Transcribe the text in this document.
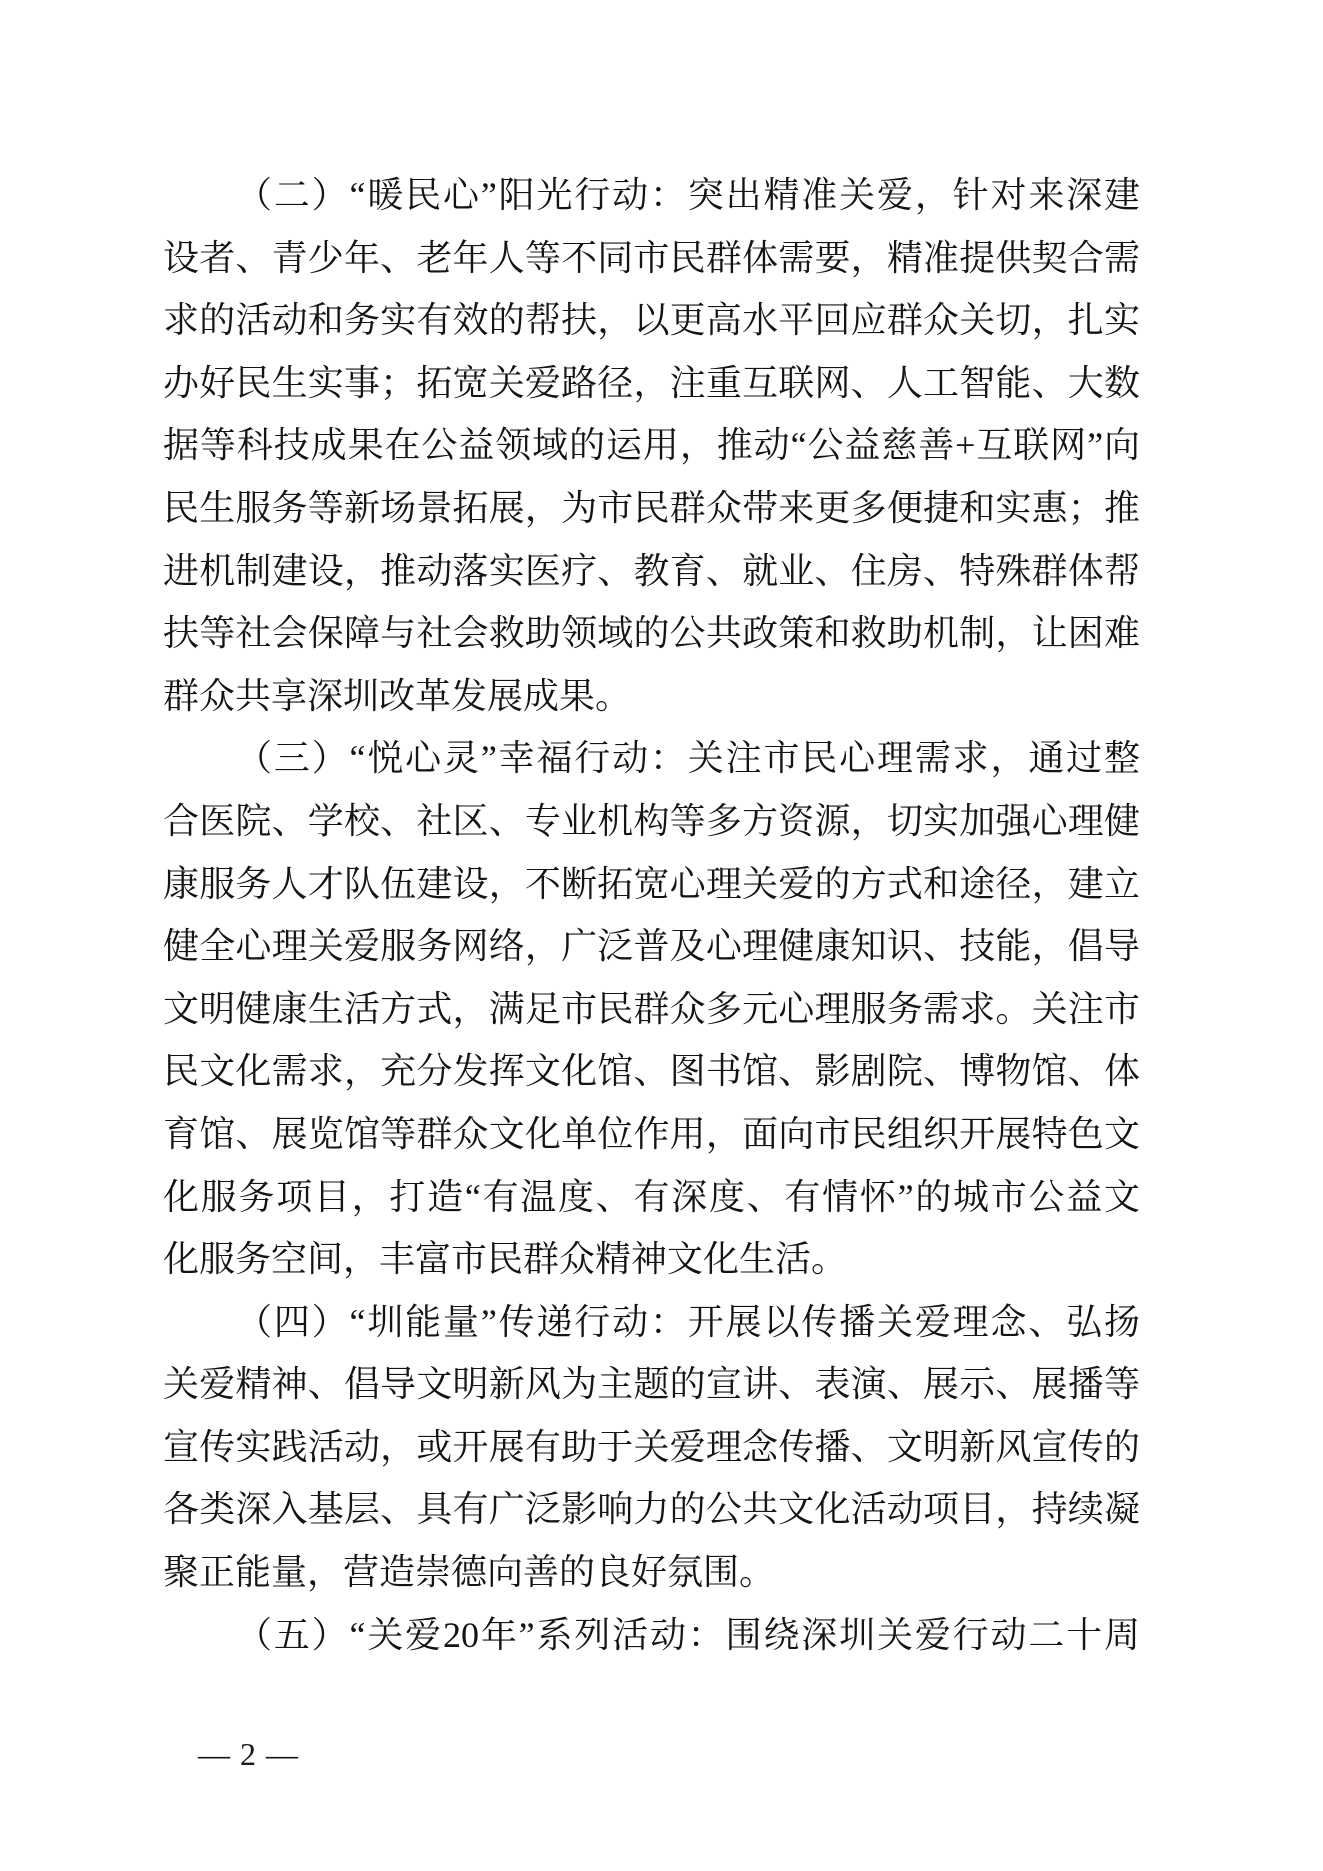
（二）“暖民心”阳光行动：突出精准关爱，针对来深建

设者、青少年、老年人等不同市民群体需要，精准提供契合需

求的活动和务实有效的帮扶，以更高水平回应群众关切，扎实

办好民生实事；拓宽关爱路径，注重互联网、人工智能、大数

据等科技成果在公益领域的运用，推动“公益慈善+互联网”向

民生服务等新场景拓展，为市民群众带来更多便捷和实惠；推

进机制建设，推动落实医疗、教育、就业、住房、特殊群体帮

扶等社会保障与社会救助领域的公共政策和救助机制，让困难

群众共享深圳改革发展成果。

（三）“悦心灵”幸福行动：关注市民心理需求，通过整

合医院、学校、社区、专业机构等多方资源，切实加强心理健

康服务人才队伍建设，不断拓宽心理关爱的方式和途径，建立

健全心理关爱服务网络，广泛普及心理健康知识、技能，倡导

文明健康生活方式，满足市民群众多元心理服务需求。关注市

民文化需求，充分发挥文化馆、图书馆、影剧院、博物馆、体

育馆、展览馆等群众文化单位作用，面向市民组织开展特色文

化服务项目，打造“有温度、有深度、有情怀”的城市公益文

化服务空间，丰富市民群众精神文化生活。

（四）“圳能量”传递行动：开展以传播关爱理念、弘扬

关爱精神、倡导文明新风为主题的宣讲、表演、展示、展播等

宣传实践活动，或开展有助于关爱理念传播、文明新风宣传的

各类深入基层、具有广泛影响力的公共文化活动项目，持续凝

聚正能量，营造崇德向善的良好氛围。

（五）“关爱20年”系列活动：围绕深圳关爱行动二十周

— 2 —
